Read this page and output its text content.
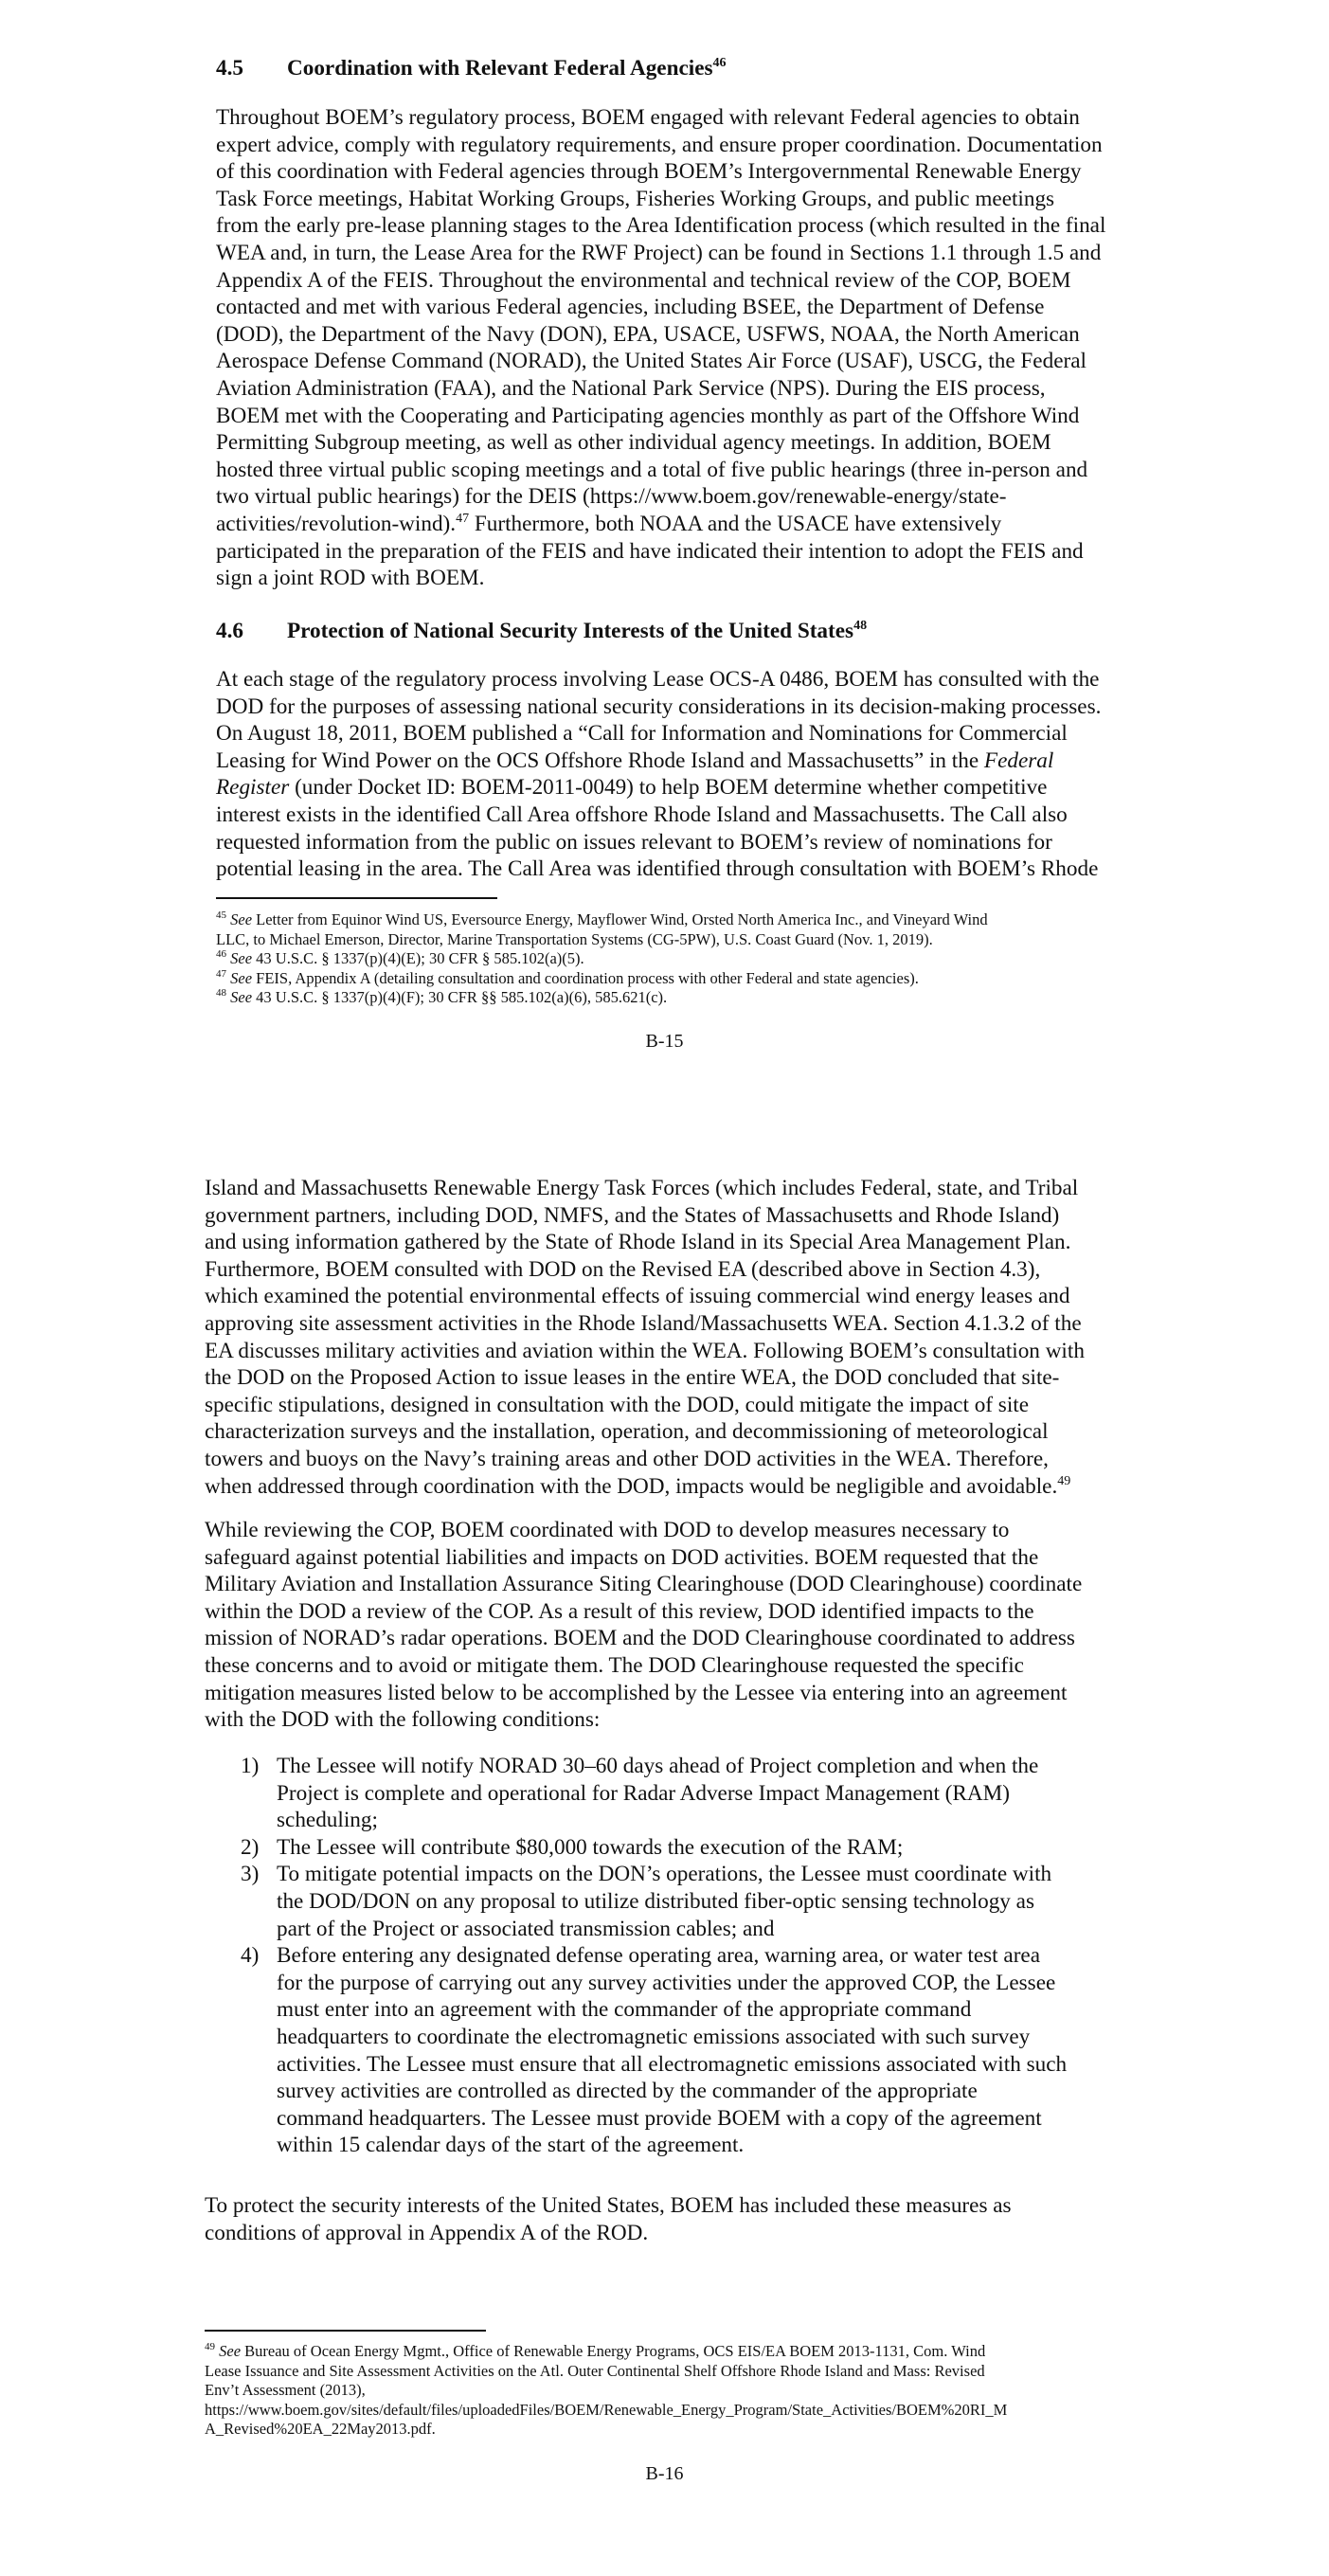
4.5 Coordination with Relevant Federal Agencies$^{46}$
Throughout BOEM’s regulatory process, BOEM engaged with relevant Federal agencies to obtain
expert advice, comply with regulatory requirements, and ensure proper coordination. Documentation
of this coordination with Federal agencies through BOEM’s Intergovernmental Renewable Energy
Task Force meetings, Habitat Working Groups, Fisheries Working Groups, and public meetings
from the early pre-lease planning stages to the Area Identification process (which resulted in the final
WEA and, in turn, the Lease Area for the RWF Project) can be found in Sections 1.1 through 1.5 and
Appendix A of the FEIS. Throughout the environmental and technical review of the COP, BOEM
contacted and met with various Federal agencies, including BSEE, the Department of Defense
(DOD), the Department of the Navy (DON), EPA, USACE, USFWS, NOAA, the North American
Aerospace Defense Command (NORAD), the United States Air Force (USAF), USCG, the Federal
Aviation Administration (FAA), and the National Park Service (NPS). During the EIS process,
BOEM met with the Cooperating and Participating agencies monthly as part of the Offshore Wind
Permitting Subgroup meeting, as well as other individual agency meetings. In addition, BOEM
hosted three virtual public scoping meetings and a total of five public hearings (three in-person and
two virtual public hearings) for the DEIS (https://www.boem.gov/renewable-energy/state-
activities/revolution-wind).$^{47}$ Furthermore, both NOAA and the USACE have extensively
participated in the preparation of the FEIS and have indicated their intention to adopt the FEIS and
sign a joint ROD with BOEM.
4.6 Protection of National Security Interests of the United States$^{48}$
At each stage of the regulatory process involving Lease OCS-A 0486, BOEM has consulted with the
DOD for the purposes of assessing national security considerations in its decision-making processes.
On August 18, 2011, BOEM published a “Call for Information and Nominations for Commercial
Leasing for Wind Power on the OCS Offshore Rhode Island and Massachusetts” in the Federal
Register (under Docket ID: BOEM-2011-0049) to help BOEM determine whether competitive
interest exists in the identified Call Area offshore Rhode Island and Massachusetts. The Call also
requested information from the public on issues relevant to BOEM’s review of nominations for
potential leasing in the area. The Call Area was identified through consultation with BOEM’s Rhode
$^{45}$ See Letter from Equinor Wind US, Eversource Energy, Mayflower Wind, Orsted North America Inc., and Vineyard Wind
LLC, to Michael Emerson, Director, Marine Transportation Systems (CG-5PW), U.S. Coast Guard (Nov. 1, 2019).
$^{46}$ See 43 U.S.C. § 1337(p)(4)(E); 30 CFR § 585.102(a)(5).
$^{47}$ See FEIS, Appendix A (detailing consultation and coordination process with other Federal and state agencies).
$^{48}$ See 43 U.S.C. § 1337(p)(4)(F); 30 CFR §§ 585.102(a)(6), 585.621(c).
B-15
Island and Massachusetts Renewable Energy Task Forces (which includes Federal, state, and Tribal
government partners, including DOD, NMFS, and the States of Massachusetts and Rhode Island)
and using information gathered by the State of Rhode Island in its Special Area Management Plan.
Furthermore, BOEM consulted with DOD on the Revised EA (described above in Section 4.3),
which examined the potential environmental effects of issuing commercial wind energy leases and
approving site assessment activities in the Rhode Island/Massachusetts WEA. Section 4.1.3.2 of the
EA discusses military activities and aviation within the WEA. Following BOEM’s consultation with
the DOD on the Proposed Action to issue leases in the entire WEA, the DOD concluded that site-
specific stipulations, designed in consultation with the DOD, could mitigate the impact of site
characterization surveys and the installation, operation, and decommissioning of meteorological
towers and buoys on the Navy’s training areas and other DOD activities in the WEA. Therefore,
when addressed through coordination with the DOD, impacts would be negligible and avoidable.$^{49}$
While reviewing the COP, BOEM coordinated with DOD to develop measures necessary to
safeguard against potential liabilities and impacts on DOD activities. BOEM requested that the
Military Aviation and Installation Assurance Siting Clearinghouse (DOD Clearinghouse) coordinate
within the DOD a review of the COP. As a result of this review, DOD identified impacts to the
mission of NORAD’s radar operations. BOEM and the DOD Clearinghouse coordinated to address
these concerns and to avoid or mitigate them. The DOD Clearinghouse requested the specific
mitigation measures listed below to be accomplished by the Lessee via entering into an agreement
with the DOD with the following conditions:
1) The Lessee will notify NORAD 30–60 days ahead of Project completion and when the
Project is complete and operational for Radar Adverse Impact Management (RAM)
scheduling;
2) The Lessee will contribute $80,000 towards the execution of the RAM;
3) To mitigate potential impacts on the DON’s operations, the Lessee must coordinate with
the DOD/DON on any proposal to utilize distributed fiber-optic sensing technology as
part of the Project or associated transmission cables; and
4) Before entering any designated defense operating area, warning area, or water test area
for the purpose of carrying out any survey activities under the approved COP, the Lessee
must enter into an agreement with the commander of the appropriate command
headquarters to coordinate the electromagnetic emissions associated with such survey
activities. The Lessee must ensure that all electromagnetic emissions associated with such
survey activities are controlled as directed by the commander of the appropriate
command headquarters. The Lessee must provide BOEM with a copy of the agreement
within 15 calendar days of the start of the agreement.
To protect the security interests of the United States, BOEM has included these measures as
conditions of approval in Appendix A of the ROD.
$^{49}$ See Bureau of Ocean Energy Mgmt., Office of Renewable Energy Programs, OCS EIS/EA BOEM 2013-1131, Com. Wind
Lease Issuance and Site Assessment Activities on the Atl. Outer Continental Shelf Offshore Rhode Island and Mass: Revised
Env’t Assessment (2013),
https://www.boem.gov/sites/default/files/uploadedFiles/BOEM/Renewable_Energy_Program/State_Activities/BOEM%20RI_M
A_Revised%20EA_22May2013.pdf.
B-16
